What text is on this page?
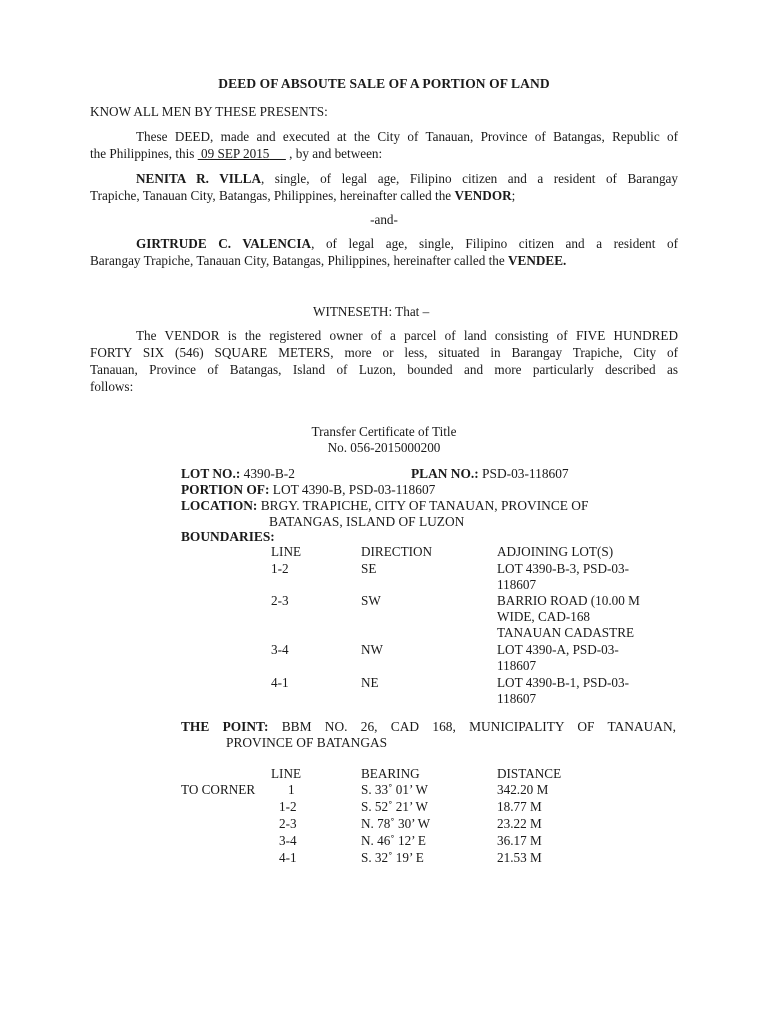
DEED OF ABSOUTE SALE OF A PORTION OF LAND
KNOW ALL MEN BY THESE PRESENTS:
These DEED, made and executed at the City of Tanauan, Province of Batangas, Republic of
the Philippines, this  09 SEP 2015      , by and between:
NENITA R. VILLA, single, of legal age, Filipino citizen and a resident of Barangay
Trapiche, Tanauan City, Batangas, Philippines, hereinafter called the VENDOR;
-and-
GIRTRUDE C. VALENCIA, of legal age, single, Filipino citizen and a resident of
Barangay Trapiche, Tanauan City, Batangas, Philippines, hereinafter called the VENDEE.
WITNESETH: That –
The VENDOR is the registered owner of a parcel of land consisting of FIVE HUNDRED
FORTY SIX (546) SQUARE METERS, more or less, situated in Barangay Trapiche, City of
Tanauan, Province of Batangas, Island of Luzon, bounded and more particularly described as
follows:
Transfer Certificate of Title
No. 056-2015000200
LOT NO.: 4390-B-2	PLAN NO.: PSD-03-118607
PORTION OF: LOT 4390-B, PSD-03-118607
LOCATION: BRGY. TRAPICHE, CITY OF TANAUAN, PROVINCE OF
BATANGAS, ISLAND OF LUZON
BOUNDARIES:
LINE	DIRECTION	ADJOINING LOT(S)
1-2	SE	LOT 4390-B-3, PSD-03-
118607
2-3	SW	BARRIO ROAD (10.00 M
WIDE, CAD-168
TANAUAN CADASTRE
3-4	NW	LOT 4390-A, PSD-03-
118607
4-1	NE	LOT 4390-B-1, PSD-03-
118607
THE POINT: BBM NO. 26, CAD 168, MUNICIPALITY OF TANAUAN,
PROVINCE OF BATANGAS
LINE	BEARING	DISTANCE
TO CORNER 1	S. 33˚ 01’ W	342.20 M
1-2	S. 52˚ 21’ W	18.77 M
2-3	N. 78˚ 30’ W	23.22 M
3-4	N. 46˚ 12’ E	36.17 M
4-1	S. 32˚ 19’ E	21.53 M
